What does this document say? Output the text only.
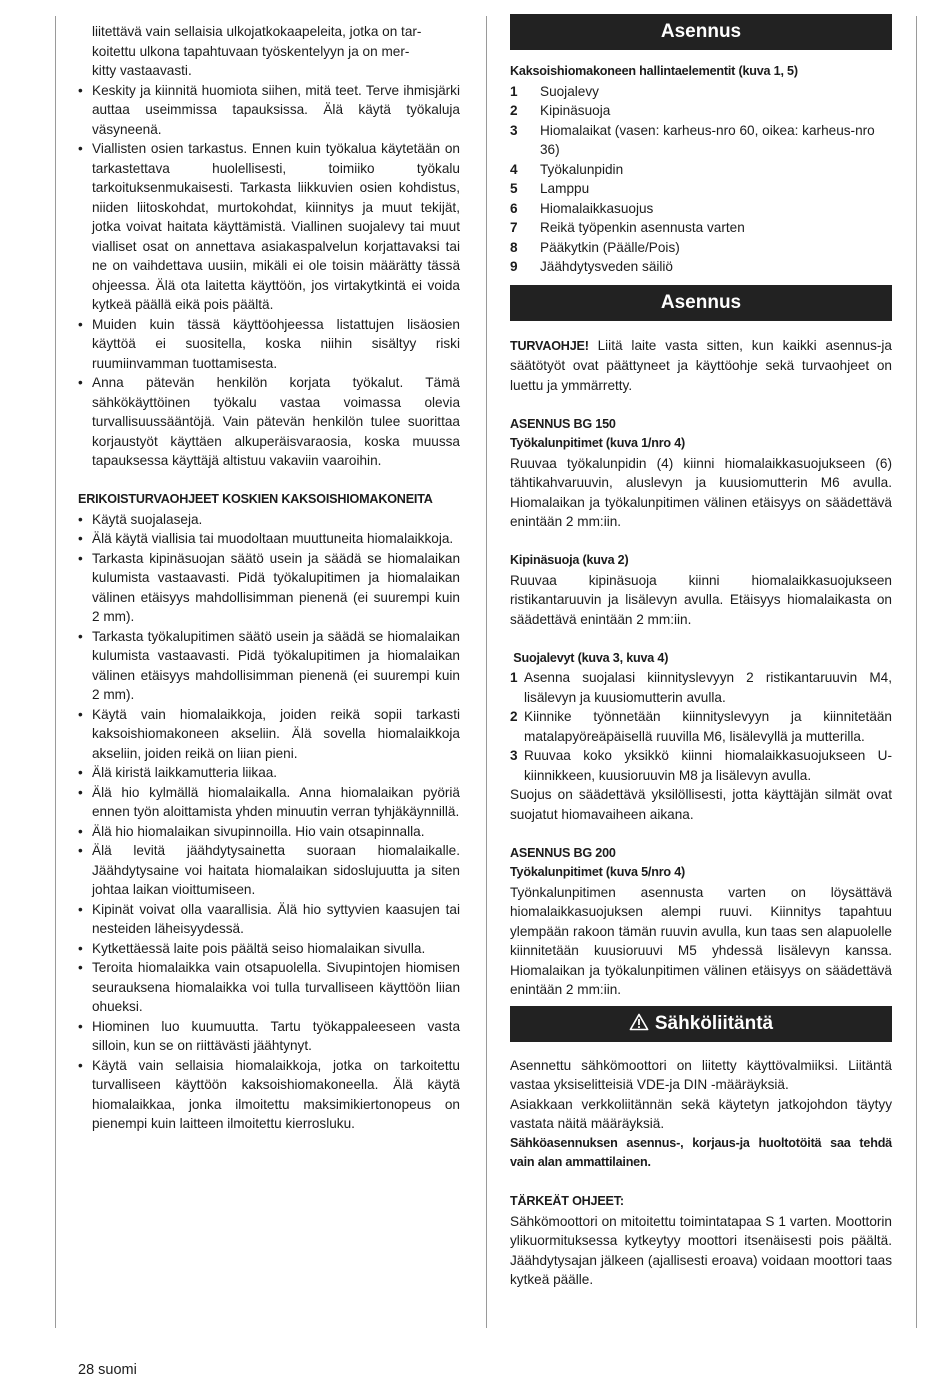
liitettävä vain sellaisia ulkojatkokaapeleita, jotka on tar-
koitettu ulkona tapahtuvaan työskentelyyn ja on mer-
kitty vastaavasti.
• Keskity ja kiinnitä huomiota siihen, mitä teet. Terve ihmisjärki auttaa useimmissa tapauksissa. Älä käytä työkaluja väsyneenä.
• Viallisten osien tarkastus. Ennen kuin työkalua käytetään on tarkastettava huolellisesti, toimiiko työkalu tarkoituksenmukaisesti. Tarkasta liikkuvien osien kohdistus, niiden liitoskohdat, murtokohdat, kiinnitys ja muut tekijät, jotka voivat haitata käyttämistä. Viallinen suojalevy tai muut vialliset osat on annettava asiakaspalvelun korjattavaksi tai ne on vaihdettava uusiin, mikäli ei ole toisin määrätty tässä ohjeessa. Älä ota laitetta käyttöön, jos virtakytkintä ei voida kytkeä päällä eikä pois päältä.
• Muiden kuin tässä käyttöohjeessa listattujen lisäosien käyttöä ei suositella, koska niihin sisältyy riski ruumiinvamman tuottamisesta.
• Anna pätevän henkilön korjata työkalut. Tämä sähkökäyttöinen työkalu vastaa voimassa olevia turvallisuussääntöjä. Vain pätevän henkilön tulee suorittaa korjaustyöt käyttäen alkuperäisvaraosia, koska muussa tapauksessa käyttäjä altistuu vakaviin vaaroihin.
ERIKOISTURVAOHJEET KOSKIEN KAKSOISHIOMAKONEITA
• Käytä suojalaseja.
• Älä käytä viallisia tai muodoltaan muuttuneita hiomalaikkoja.
• Tarkasta kipinäsuojan säätö usein ja säädä se hiomalaikan kulumista vastaavasti. Pidä työkalupitimen ja hiomalaikan välinen etäisyys mahdollisimman pienenä (ei suurempi kuin 2 mm).
• Tarkasta työkalupitimen säätö usein ja säädä se hiomalaikan kulumista vastaavasti. Pidä työkalupitimen ja hiomalaikan välinen etäisyys mahdollisimman pienenä (ei suurempi kuin 2 mm).
• Käytä vain hiomalaikkoja, joiden reikä sopii tarkasti kaksoishiomakoneen akseliin. Älä sovella hiomalaikkoja akseliin, joiden reikä on liian pieni.
• Älä kiristä laikkamutteria liikaa.
• Älä hio kylmällä hiomalaikalla. Anna hiomalaikan pyöriä ennen työn aloittamista yhden minuutin verran tyhjäkäynnillä.
• Älä hio hiomalaikan sivupinnoilla. Hio vain otsapinnalla.
• Älä levitä jäähdytysainetta suoraan hiomalaikalle. Jäähdytysaine voi haitata hiomalaikan sidoslujuutta ja siten johtaa laikan vioittumiseen.
• Kipinät voivat olla vaarallisia. Älä hio syttyvien kaasujen tai nesteiden läheisyydessä.
• Kytkettäessä laite pois päältä seiso hiomalaikan sivulla.
• Teroita hiomalaikka vain otsapuolella. Sivupintojen hiomisen seurauksena hiomalaikka voi tulla turvalliseen käyttöön liian ohueksi.
• Hiominen luo kuumuutta. Tartu työkappaleeseen vasta silloin, kun se on riittävästi jäähtynyt.
• Käytä vain sellaisia hiomalaikkoja, jotka on tarkoitettu turvalliseen käyttöön kaksoishiomakoneella. Älä käytä hiomalaikkaa, jonka ilmoitettu maksimikiertonopeus on pienempi kuin laitteen ilmoitettu kierrosluku.
Asennus
Kaksoishiomakoneen hallintaelementit (kuva 1, 5)
1 Suojalevy
2 Kipinäsuoja
3 Hiomalaikat (vasen: karheus-nro 60, oikea: karheus-nro 36)
4 Työkalunpidin
5 Lamppu
6 Hiomalaikkasuojus
7 Reikä työpenkin asennusta varten
8 Pääkytkin (Päälle/Pois)
9 Jäähdytysveden säiliö
Asennus

TURVAOHJE! Liitä laite vasta sitten, kun kaikki asennus-ja säätötyöt ovat päättyneet ja käyttöohje sekä turvaohjeet on luettu ja ymmärretty.

ASENNUS BG 150
Työkalunpitimet (kuva 1/nro 4)

Ruuvaa työkalunpidin (4) kiinni hiomalaikkasuojukseen (6) tähtikahvaruuvin, aluslevyn ja kuusiomutterin M6 avulla. Hiomalaikan ja työkalunpitimen välinen etäisyys on säädettävä enintään 2 mm:iin.

Kipinäsuoja (kuva 2)

Ruuvaa kipinäsuoja kiinni hiomalaikkasuojukseen ristikantaruuvin ja lisälevyn avulla. Etäisyys hiomalaikasta on säädettävä enintään 2 mm:iin.

Suojalevyt (kuva 3, kuva 4)
1 Asenna suojalasi kiinnityslevyyn 2 ristikantaruuvin M4, lisälevyn ja kuusiomutterin avulla.
2 Kiinnike työnnetään kiinnityslevyyn ja kiinnitetään matalapyöreäpäisellä ruuvilla M6, lisälevyllä ja mutterilla.
3 Ruuvaa koko yksikkö kiinni hiomalaikkasuojukseen U-kiinnikkeen, kuusioruuvin M8 ja lisälevyn avulla.

Suojus on säädettävä yksilöllisesti, jotta käyttäjän silmät ovat suojatut hiomavaiheen aikana.

ASENNUS BG 200
Työkalunpitimet (kuva 5/nro 4)

Työnkalunpitimen asennusta varten on löysättävä hiomalaikkasuojuksen alempi ruuvi. Kiinnitys tapahtuu ylempään rakoon tämän ruuvin avulla, kun taas sen alapuolelle kiinnitetään kuusioruuvi M5 yhdessä lisälevyn kanssa. Hiomalaikan ja työkalunpitimen välinen etäisyys on säädettävä enintään 2 mm:iin.

Sähköliitäntä

Asennettu sähkömoottori on liitetty käyttövalmiiksi. Liitäntä vastaa yksiselitteisiä VDE-ja DIN -määräyksiä.

Asiakkaan verkkoliitännän sekä käytetyn jatkojohdon täytyy vastata näitä määräyksiä.

Sähköasennuksen asennus-, korjaus-ja huoltotöitä saa tehdä vain alan ammattilainen.

TÄRKEÄT OHJEET:

Sähkömoottori on mitoitettu toimintatapaa S 1 varten. Moottorin ylikuormituksessa kytkeytyy moottori itsenäisesti pois päältä. Jäähdytysajan jälkeen (ajallisesti eroava) voidaan moottori taas kytkeä päälle.

28 suomi
